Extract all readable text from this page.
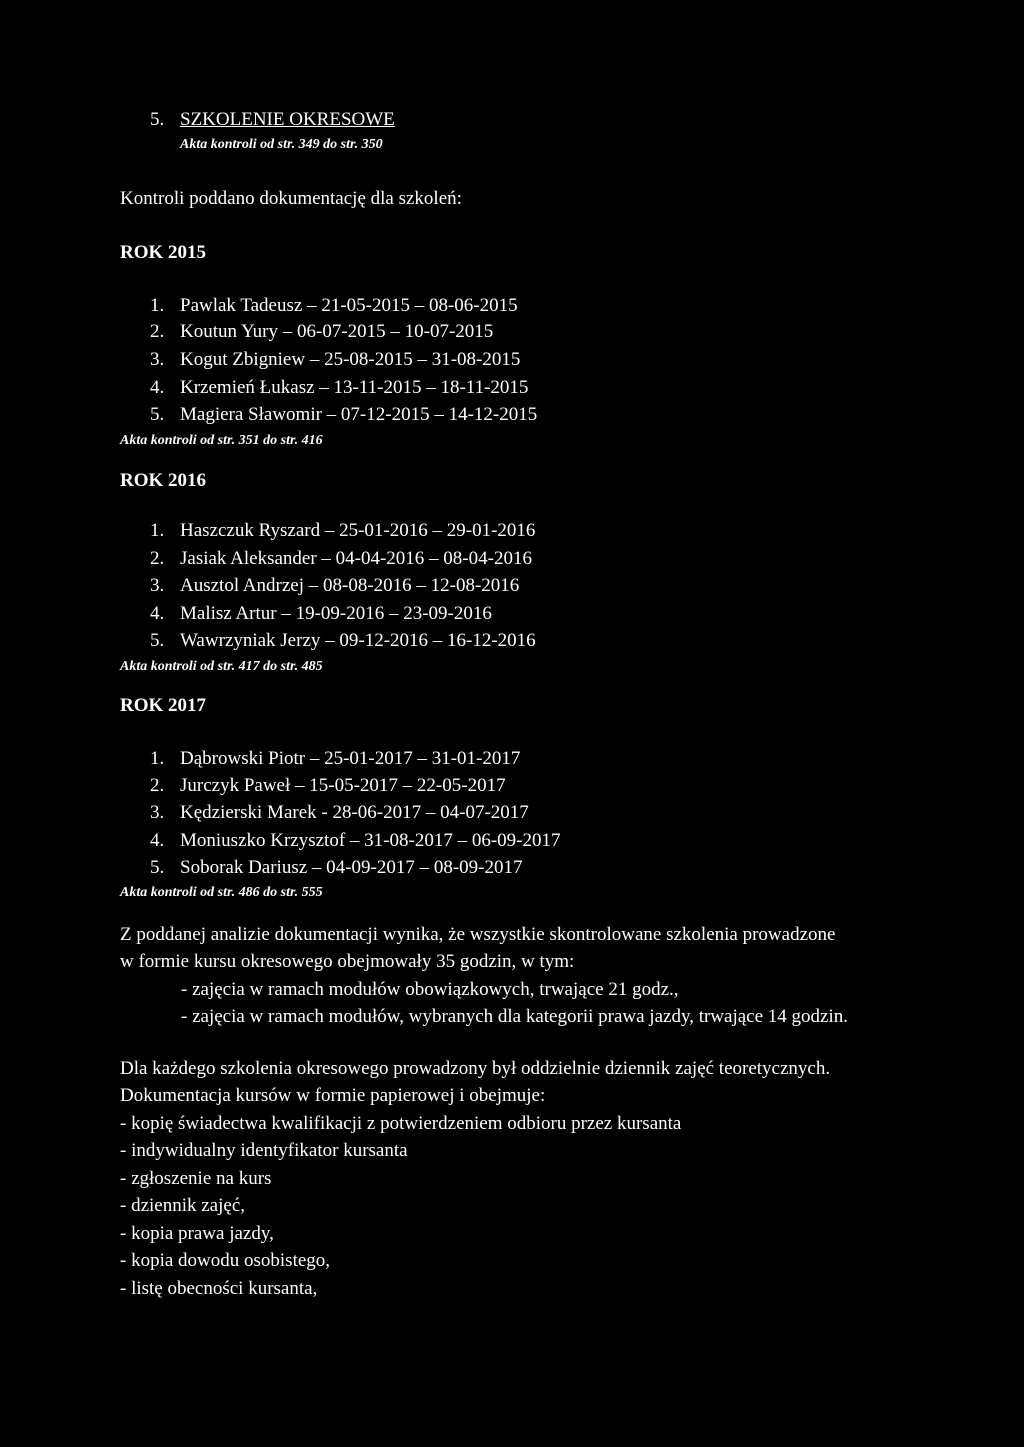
5. SZKOLENIE OKRESOWE
Akta kontroli od str. 349 do str. 350
Kontroli poddano dokumentację dla szkoleń:
ROK 2015
1. Pawlak Tadeusz – 21-05-2015 – 08-06-2015
2. Koutun Yury – 06-07-2015 – 10-07-2015
3. Kogut Zbigniew – 25-08-2015 – 31-08-2015
4. Krzemień Łukasz – 13-11-2015 – 18-11-2015
5. Magiera Sławomir – 07-12-2015 – 14-12-2015
Akta kontroli od str. 351 do str. 416
ROK 2016
1. Haszczuk Ryszard – 25-01-2016 – 29-01-2016
2. Jasiak Aleksander – 04-04-2016 – 08-04-2016
3. Ausztol Andrzej – 08-08-2016 – 12-08-2016
4. Malisz Artur – 19-09-2016 – 23-09-2016
5. Wawrzyniak Jerzy – 09-12-2016 – 16-12-2016
Akta kontroli od str. 417 do str. 485
ROK 2017
1. Dąbrowski Piotr – 25-01-2017 – 31-01-2017
2. Jurczyk Paweł – 15-05-2017 – 22-05-2017
3. Kędzierski Marek - 28-06-2017 – 04-07-2017
4. Moniuszko Krzysztof – 31-08-2017 – 06-09-2017
5. Soborak Dariusz – 04-09-2017 – 08-09-2017
Akta kontroli od str. 486 do str. 555
Z poddanej analizie dokumentacji wynika, że wszystkie skontrolowane szkolenia prowadzone
w formie kursu okresowego obejmowały 35 godzin, w tym:
- zajęcia w ramach modułów obowiązkowych, trwające 21 godz.,
- zajęcia w ramach modułów, wybranych dla kategorii prawa jazdy, trwające 14 godzin.
Dla każdego szkolenia okresowego prowadzony był oddzielnie dziennik zajęć teoretycznych.
Dokumentacja kursów w formie papierowej i obejmuje:
- kopię świadectwa kwalifikacji z potwierdzeniem odbioru przez kursanta
- indywidualny identyfikator kursanta
- zgłoszenie na kurs
- dziennik zajęć,
- kopia prawa jazdy,
- kopia dowodu osobistego,
- listę obecności kursanta,
